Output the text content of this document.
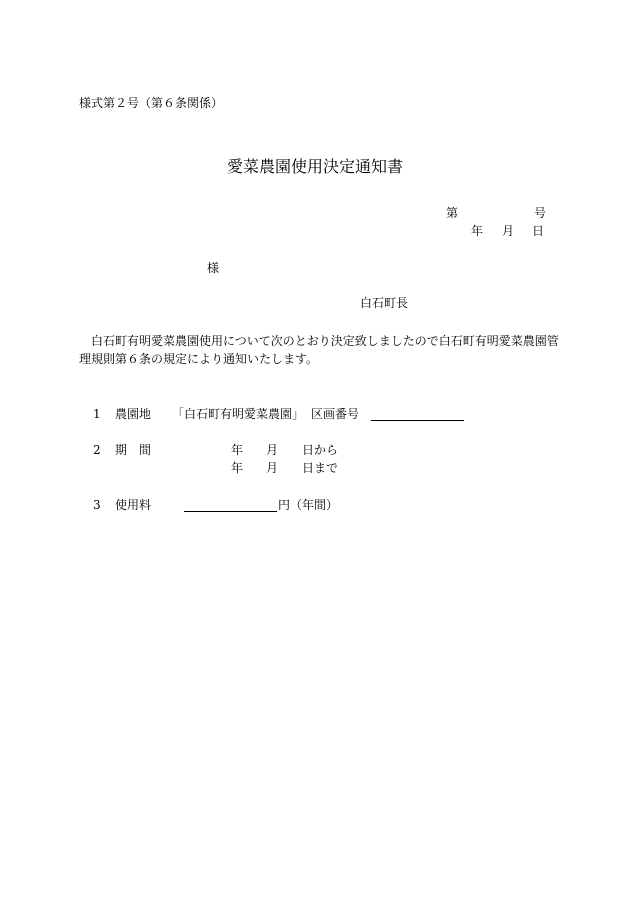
様式第２号（第６条関係）
愛菜農園使用決定通知書
第	号
年 月 日
様
白石町長
白石町有明愛菜農園使用について次のとおり決定致しましたので白石町有明愛菜農園管
理規則第６条の規定により通知いたします。
1 農園地 「白石町有明愛菜農園」 区画番号
2 期　間	年 月 日から
年 月 日まで
3 使用料	円（年間）
